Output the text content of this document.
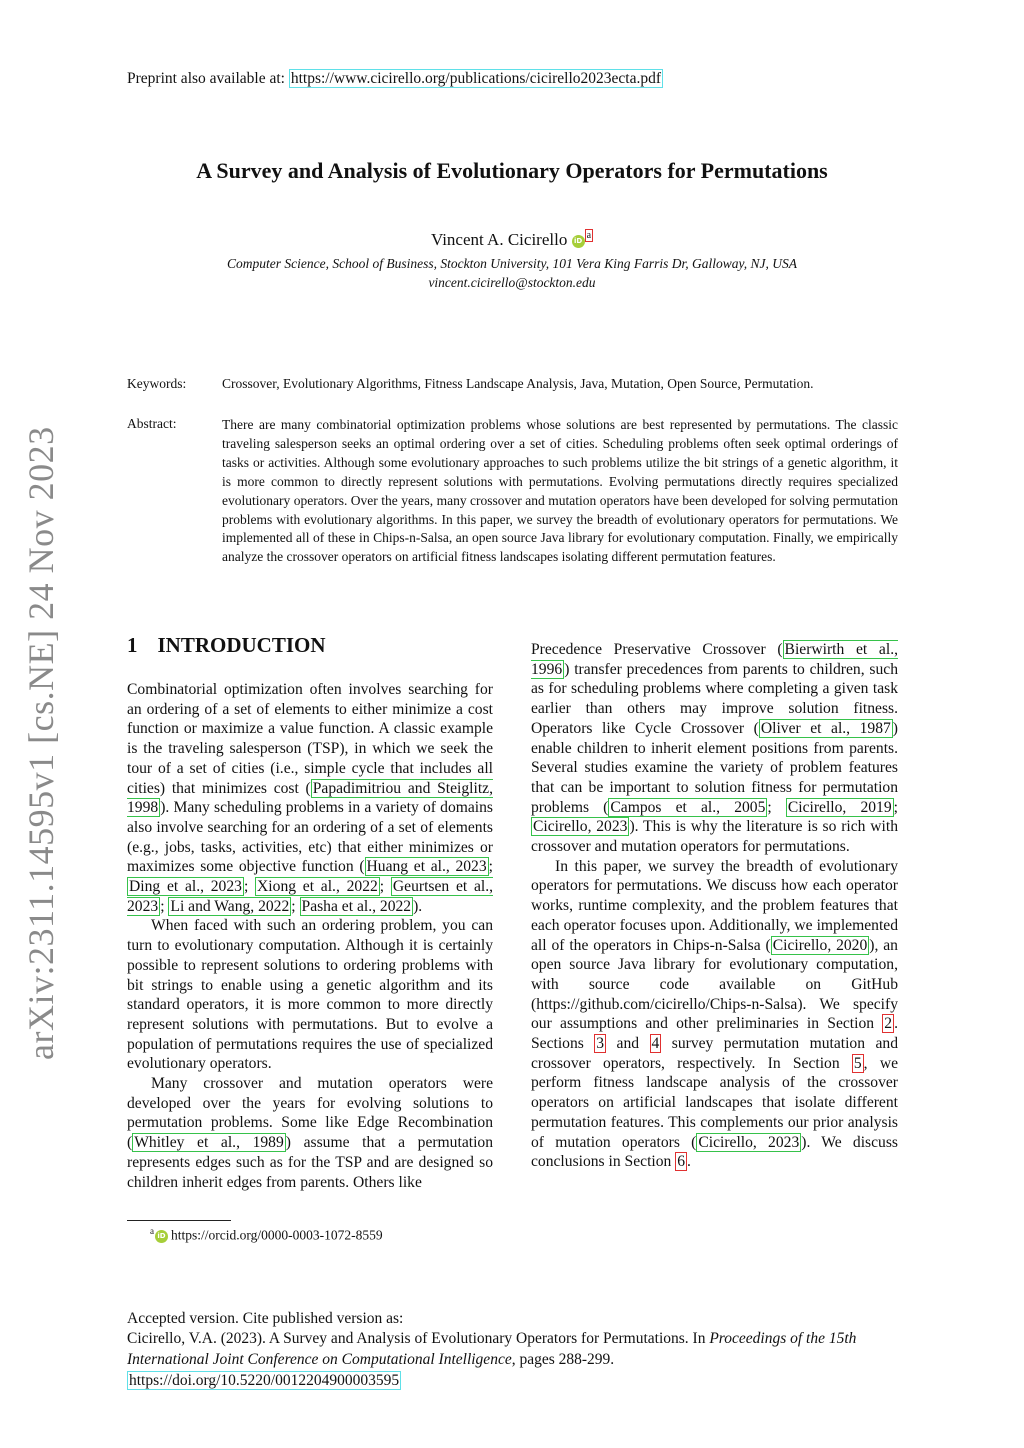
Preprint also available at: https://www.cicirello.org/publications/cicirello2023ecta.pdf
arXiv:2311.14595v1 [cs.NE] 24 Nov 2023
A Survey and Analysis of Evolutionary Operators for Permutations
Vincent A. Cicirello iD $^a$
Computer Science, School of Business, Stockton University, 101 Vera King Farris Dr, Galloway, NJ, USA
vincent.cicirello@stockton.edu
Keywords:	Crossover, Evolutionary Algorithms, Fitness Landscape Analysis, Java, Mutation, Open Source, Permutation.
Abstract:	There are many combinatorial optimization problems whose solutions are best represented by permutations. The classic traveling salesperson seeks an optimal ordering over a set of cities. Scheduling problems often seek optimal orderings of tasks or activities. Although some evolutionary approaches to such problems utilize the bit strings of a genetic algorithm, it is more common to directly represent solutions with permutations. Evolving permutations directly requires specialized evolutionary operators. Over the years, many crossover and mutation operators have been developed for solving permutation problems with evolutionary algorithms. In this paper, we survey the breadth of evolutionary operators for permutations. We implemented all of these in Chips-n-Salsa, an open source Java library for evolutionary computation. Finally, we empirically analyze the crossover operators on artificial fitness landscapes isolating different permutation features.
1 INTRODUCTION

Combinatorial optimization often involves searching for an ordering of a set of elements to either minimize a cost function or maximize a value function. A classic example is the traveling salesperson (TSP), in which we seek the tour of a set of cities (i.e., simple cycle that includes all cities) that minimizes cost ( Papadimitriou and Steiglitz, 1998 ). Many scheduling problems in a variety of domains also involve searching for an ordering of a set of elements (e.g., jobs, tasks, activities, etc) that either minimizes or maximizes some objective function ( Huang et al., 2023 ; Ding et al., 2023 ; Xiong et al., 2022 ; Geurtsen et al., 2023 ; Li and Wang, 2022 ; Pasha et al., 2022 ).

When faced with such an ordering problem, you can turn to evolutionary computation. Although it is certainly possible to represent solutions to ordering problems with bit strings to enable using a genetic algorithm and its standard operators, it is more common to more directly represent solutions with permutations. But to evolve a population of permutations requires the use of specialized evolutionary operators.

Many crossover and mutation operators were developed over the years for evolving solutions to permutation problems. Some like Edge Recombination ( Whitley et al., 1989 ) assume that a permutation represents edges such as for the TSP and are designed so children inherit edges from parents. Others like

Precedence Preservative Crossover ( Bierwirth et al., 1996 ) transfer precedences from parents to children, such as for scheduling problems where completing a given task earlier than others may improve solution fitness. Operators like Cycle Crossover ( Oliver et al., 1987 ) enable children to inherit element positions from parents. Several studies examine the variety of problem features that can be important to solution fitness for permutation problems ( Campos et al., 2005 ; Cicirello, 2019 ; Cicirello, 2023 ). This is why the literature is so rich with crossover and mutation operators for permutations.

In this paper, we survey the breadth of evolutionary operators for permutations. We discuss how each operator works, runtime complexity, and the problem features that each operator focuses upon. Additionally, we implemented all of the operators in Chips-n-Salsa ( Cicirello, 2020 ), an open source Java library for evolutionary computation, with source code available on GitHub (https://github.com/cicirello/Chips-n-Salsa). We specify our assumptions and other preliminaries in Section 2 . Sections 3 and 4 survey permutation mutation and crossover operators, respectively. In Section 5 , we perform fitness landscape analysis of the crossover operators on artificial landscapes that isolate different permutation features. This complements our prior analysis of mutation operators ( Cicirello, 2023 ). We discuss conclusions in Section 6 .

$^a$ iD https://orcid.org/0000-0003-1072-8559
Accepted version. Cite published version as:
Cicirello, V.A. (2023). A Survey and Analysis of Evolutionary Operators for Permutations. In Proceedings of the 15th International Joint Conference on Computational Intelligence, pages 288-299.
https://doi.org/10.5220/0012204900003595
